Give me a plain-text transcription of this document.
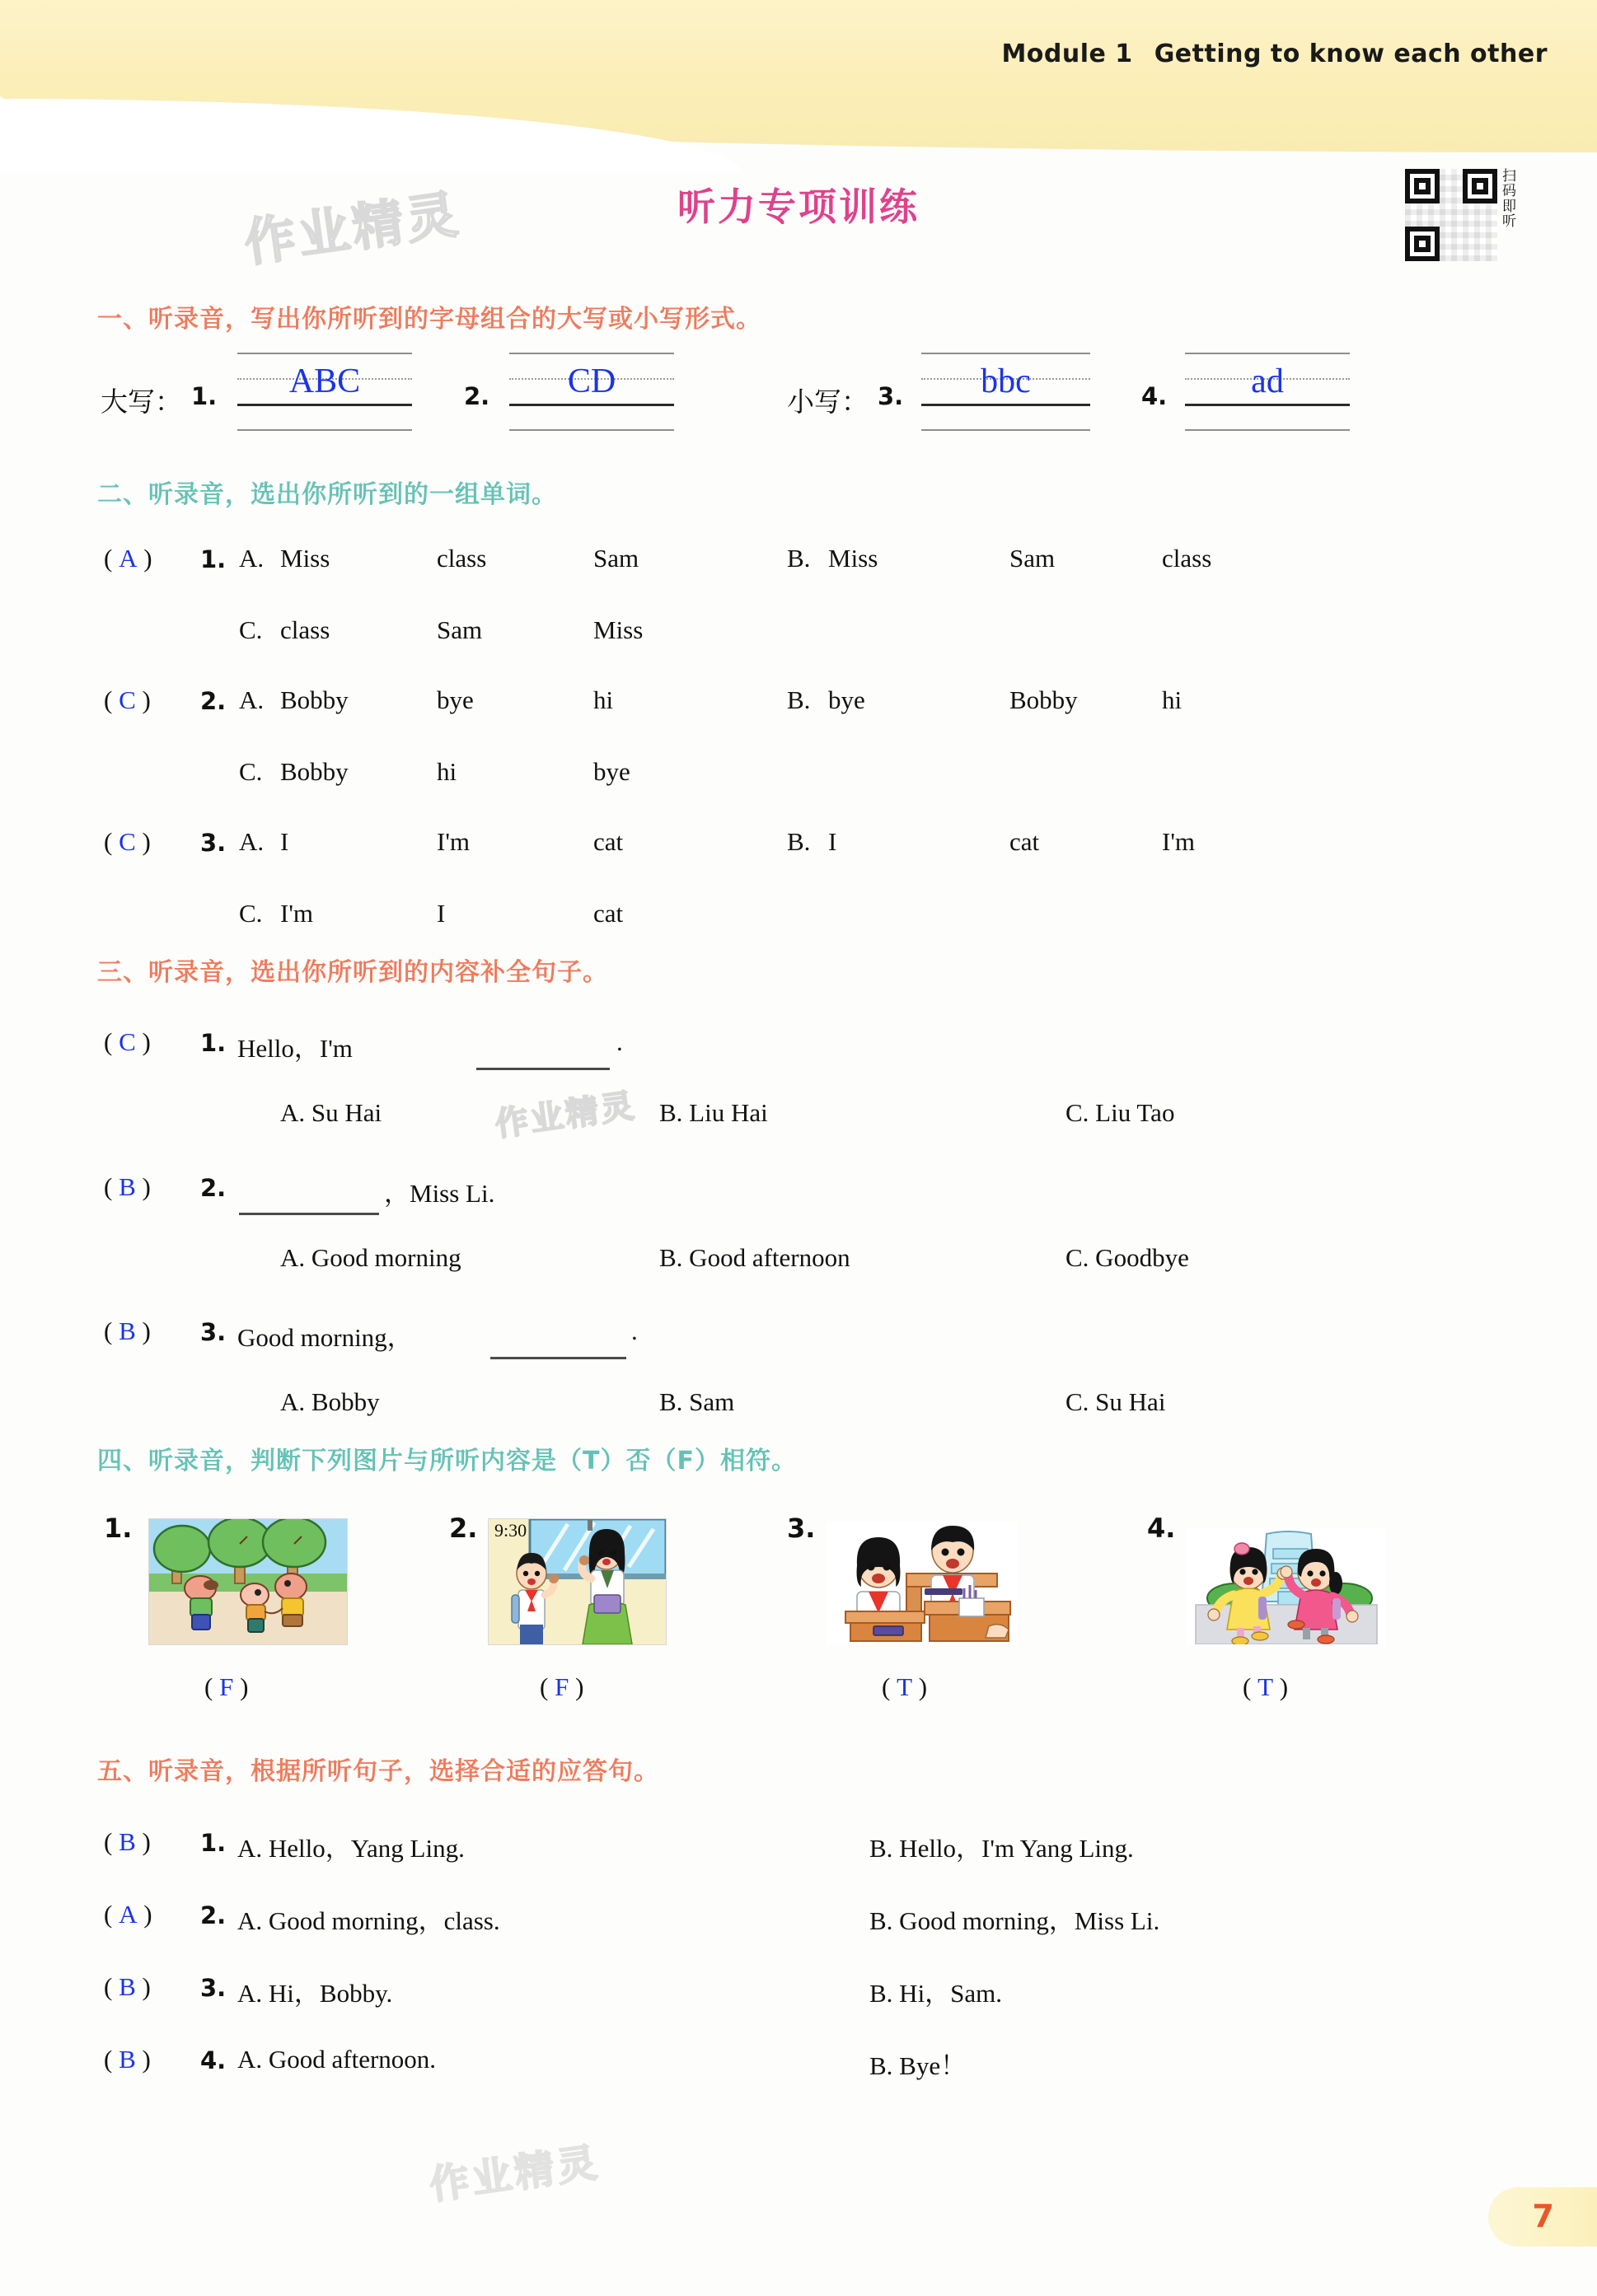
Module 1 Getting to know each other
作业精灵
作业精灵
作业精灵
扫码即听
听力专项训练
一、听录音，写出你所听到的字母组合的大写或小写形式。
大写： 1.	ABC	2.	CD
小写： 3.	bbc	4.	ad
二、听录音，选出你所听到的一组单词。
( A ) 1. A. Miss	class	Sam	B. Miss	Sam	class
C. class	Sam	Miss
( C ) 2. A. Bobby	bye	hi	B. bye	Bobby	hi
C. Bobby	hi	bye
( C ) 3. A. I	I'm	cat	B. I	cat	I'm
C. I'm	I	cat
三、听录音，选出你所听到的内容补全句子。
( C ) 1. Hello，I'm	.
A. Su Hai	B. Liu Hai	C. Liu Tao
( B ) 2.	，Miss Li.
A. Good morning	B. Good afternoon	C. Goodbye
( B ) 3. Good morning，	.
A. Bobby	B. Sam	C. Su Hai
四、听录音，判断下列图片与所听内容是（T）否（F）相符。
1.
( F )
2. 9:30
( F )
3.
( T )
4.
( T )
五、听录音，根据所听句子，选择合适的应答句。
( B ) 1. A. Hello，Yang Ling.	B. Hello，I'm Yang Ling.
( A ) 2. A. Good morning，class.	B. Good morning，Miss Li.
( B ) 3. A. Hi，Bobby.	B. Hi，Sam.
( B ) 4. A. Good afternoon.	B. Bye！
7
